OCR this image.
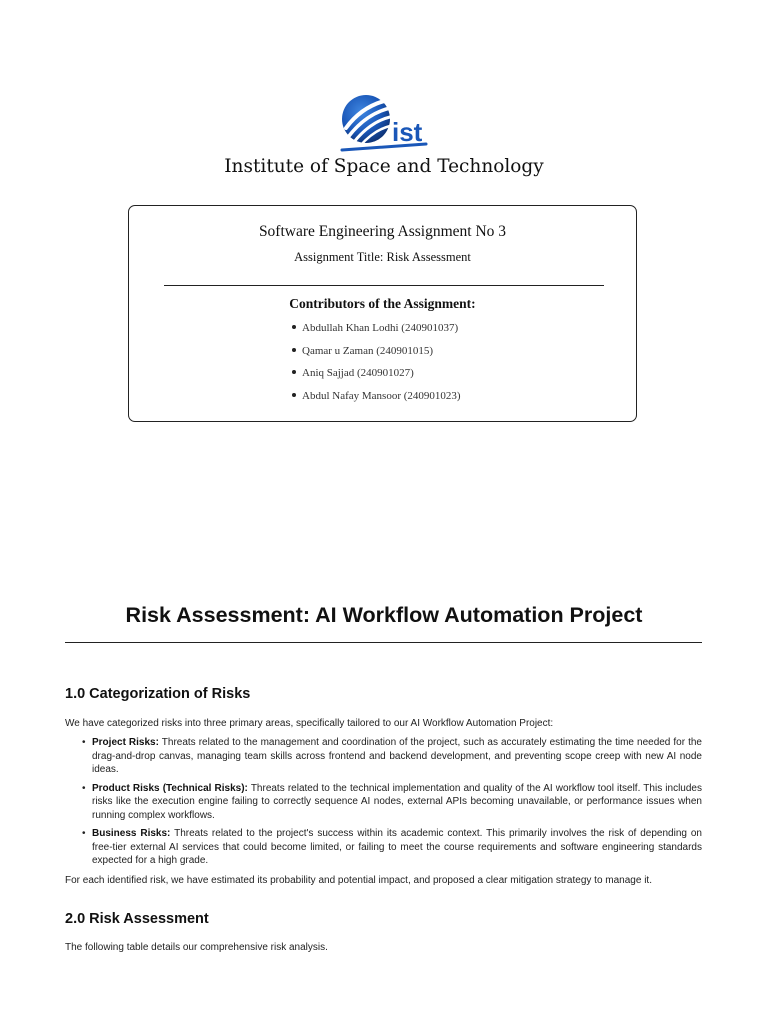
ist
Institute of Space and Technology
Software Engineering Assignment No 3
Assignment Title: Risk Assessment
Contributors of the Assignment:
Abdullah Khan Lodhi (240901037)
Qamar u Zaman (240901015)
Aniq Sajjad (240901027)
Abdul Nafay Mansoor (240901023)
Risk Assessment: AI Workflow Automation Project
1.0 Categorization of Risks
We have categorized risks into three primary areas, specifically tailored to our AI Workflow Automation Project:
• Project Risks: Threats related to the management and coordination of the project, such as accurately estimating the time needed for the drag-and-drop canvas, managing team skills across frontend and backend development, and preventing scope creep with new AI node ideas.
• Product Risks (Technical Risks): Threats related to the technical implementation and quality of the AI workflow tool itself. This includes risks like the execution engine failing to correctly sequence AI nodes, external APIs becoming unavailable, or performance issues when running complex workflows.
• Business Risks: Threats related to the project's success within its academic context. This primarily involves the risk of depending on free-tier external AI services that could become limited, or failing to meet the course requirements and software engineering standards expected for a high grade.
For each identified risk, we have estimated its probability and potential impact, and proposed a clear mitigation strategy to manage it.
2.0 Risk Assessment
The following table details our comprehensive risk analysis.
